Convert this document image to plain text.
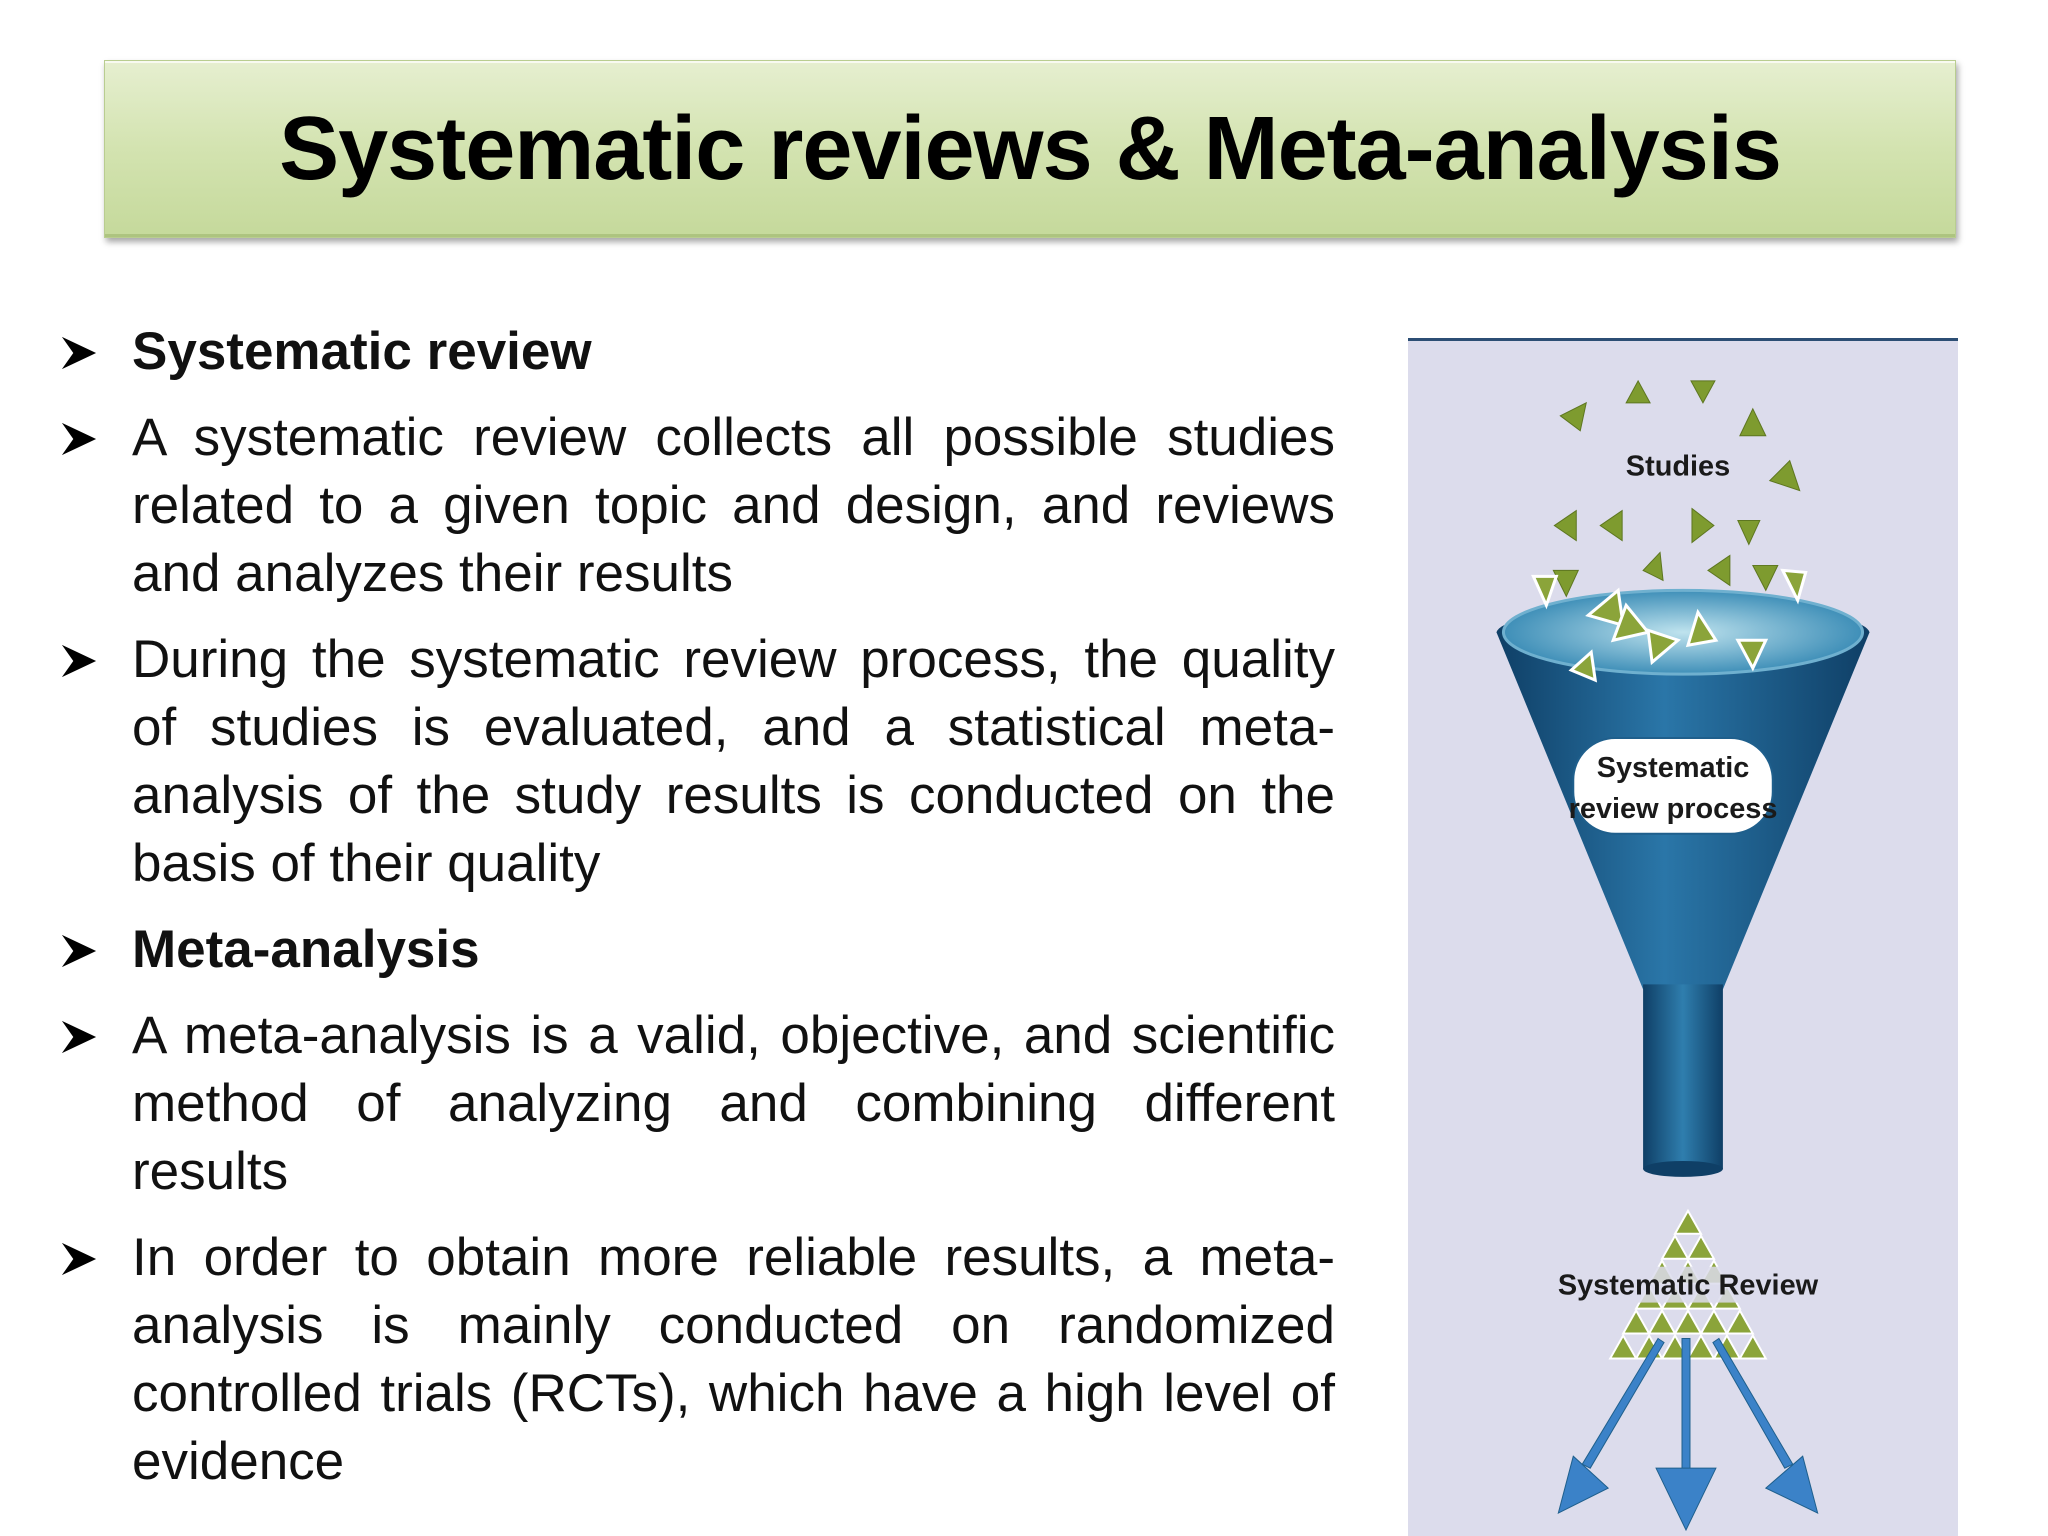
Systematic reviews & Meta-analysis
Systematic review
A systematic review collects all possible studies related to a given topic and design, and reviews and analyzes their results
During the systematic review process, the quality of studies is evaluated, and a statistical meta-analysis of the study results is conducted on the basis of their quality
Meta-analysis
A meta-analysis is a valid, objective, and scientific method of analyzing and combining different results
In order to obtain more reliable results, a meta-analysis is mainly conducted on randomized controlled trials (RCTs), which have a high level of evidence
Systematic
review process
Studies
Systematic Review
